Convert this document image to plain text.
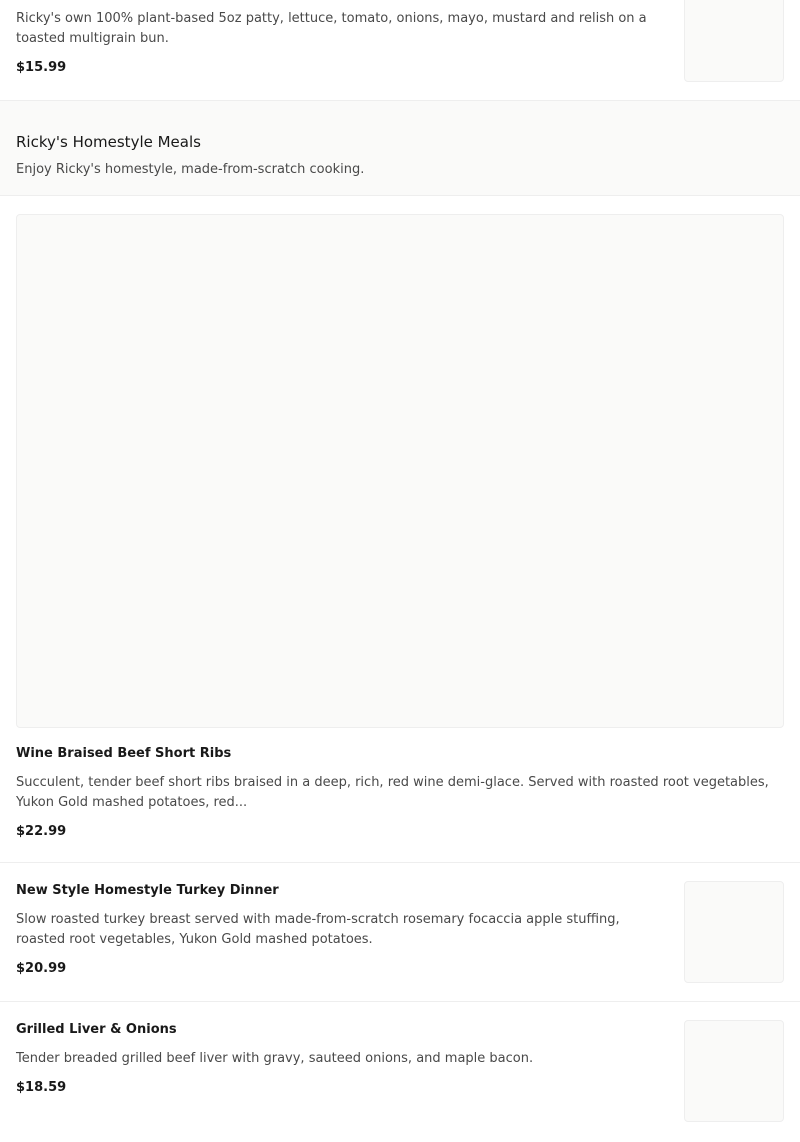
Ricky's own 100% plant-based 5oz patty, lettuce, tomato, onions, mayo, mustard and relish on a toasted multigrain bun.

$15.99

Ricky's Homestyle Meals

Enjoy Ricky's homestyle, made-from-scratch cooking.

Wine Braised Beef Short Ribs

Succulent, tender beef short ribs braised in a deep, rich, red wine demi-glace. Served with roasted root vegetables, Yukon Gold mashed potatoes, red...

$22.99

New Style Homestyle Turkey Dinner

Slow roasted turkey breast served with made-from-scratch rosemary focaccia apple stuffing, roasted root vegetables, Yukon Gold mashed potatoes.

$20.99

Grilled Liver & Onions

Tender breaded grilled beef liver with gravy, sauteed onions, and maple bacon.

$18.59
